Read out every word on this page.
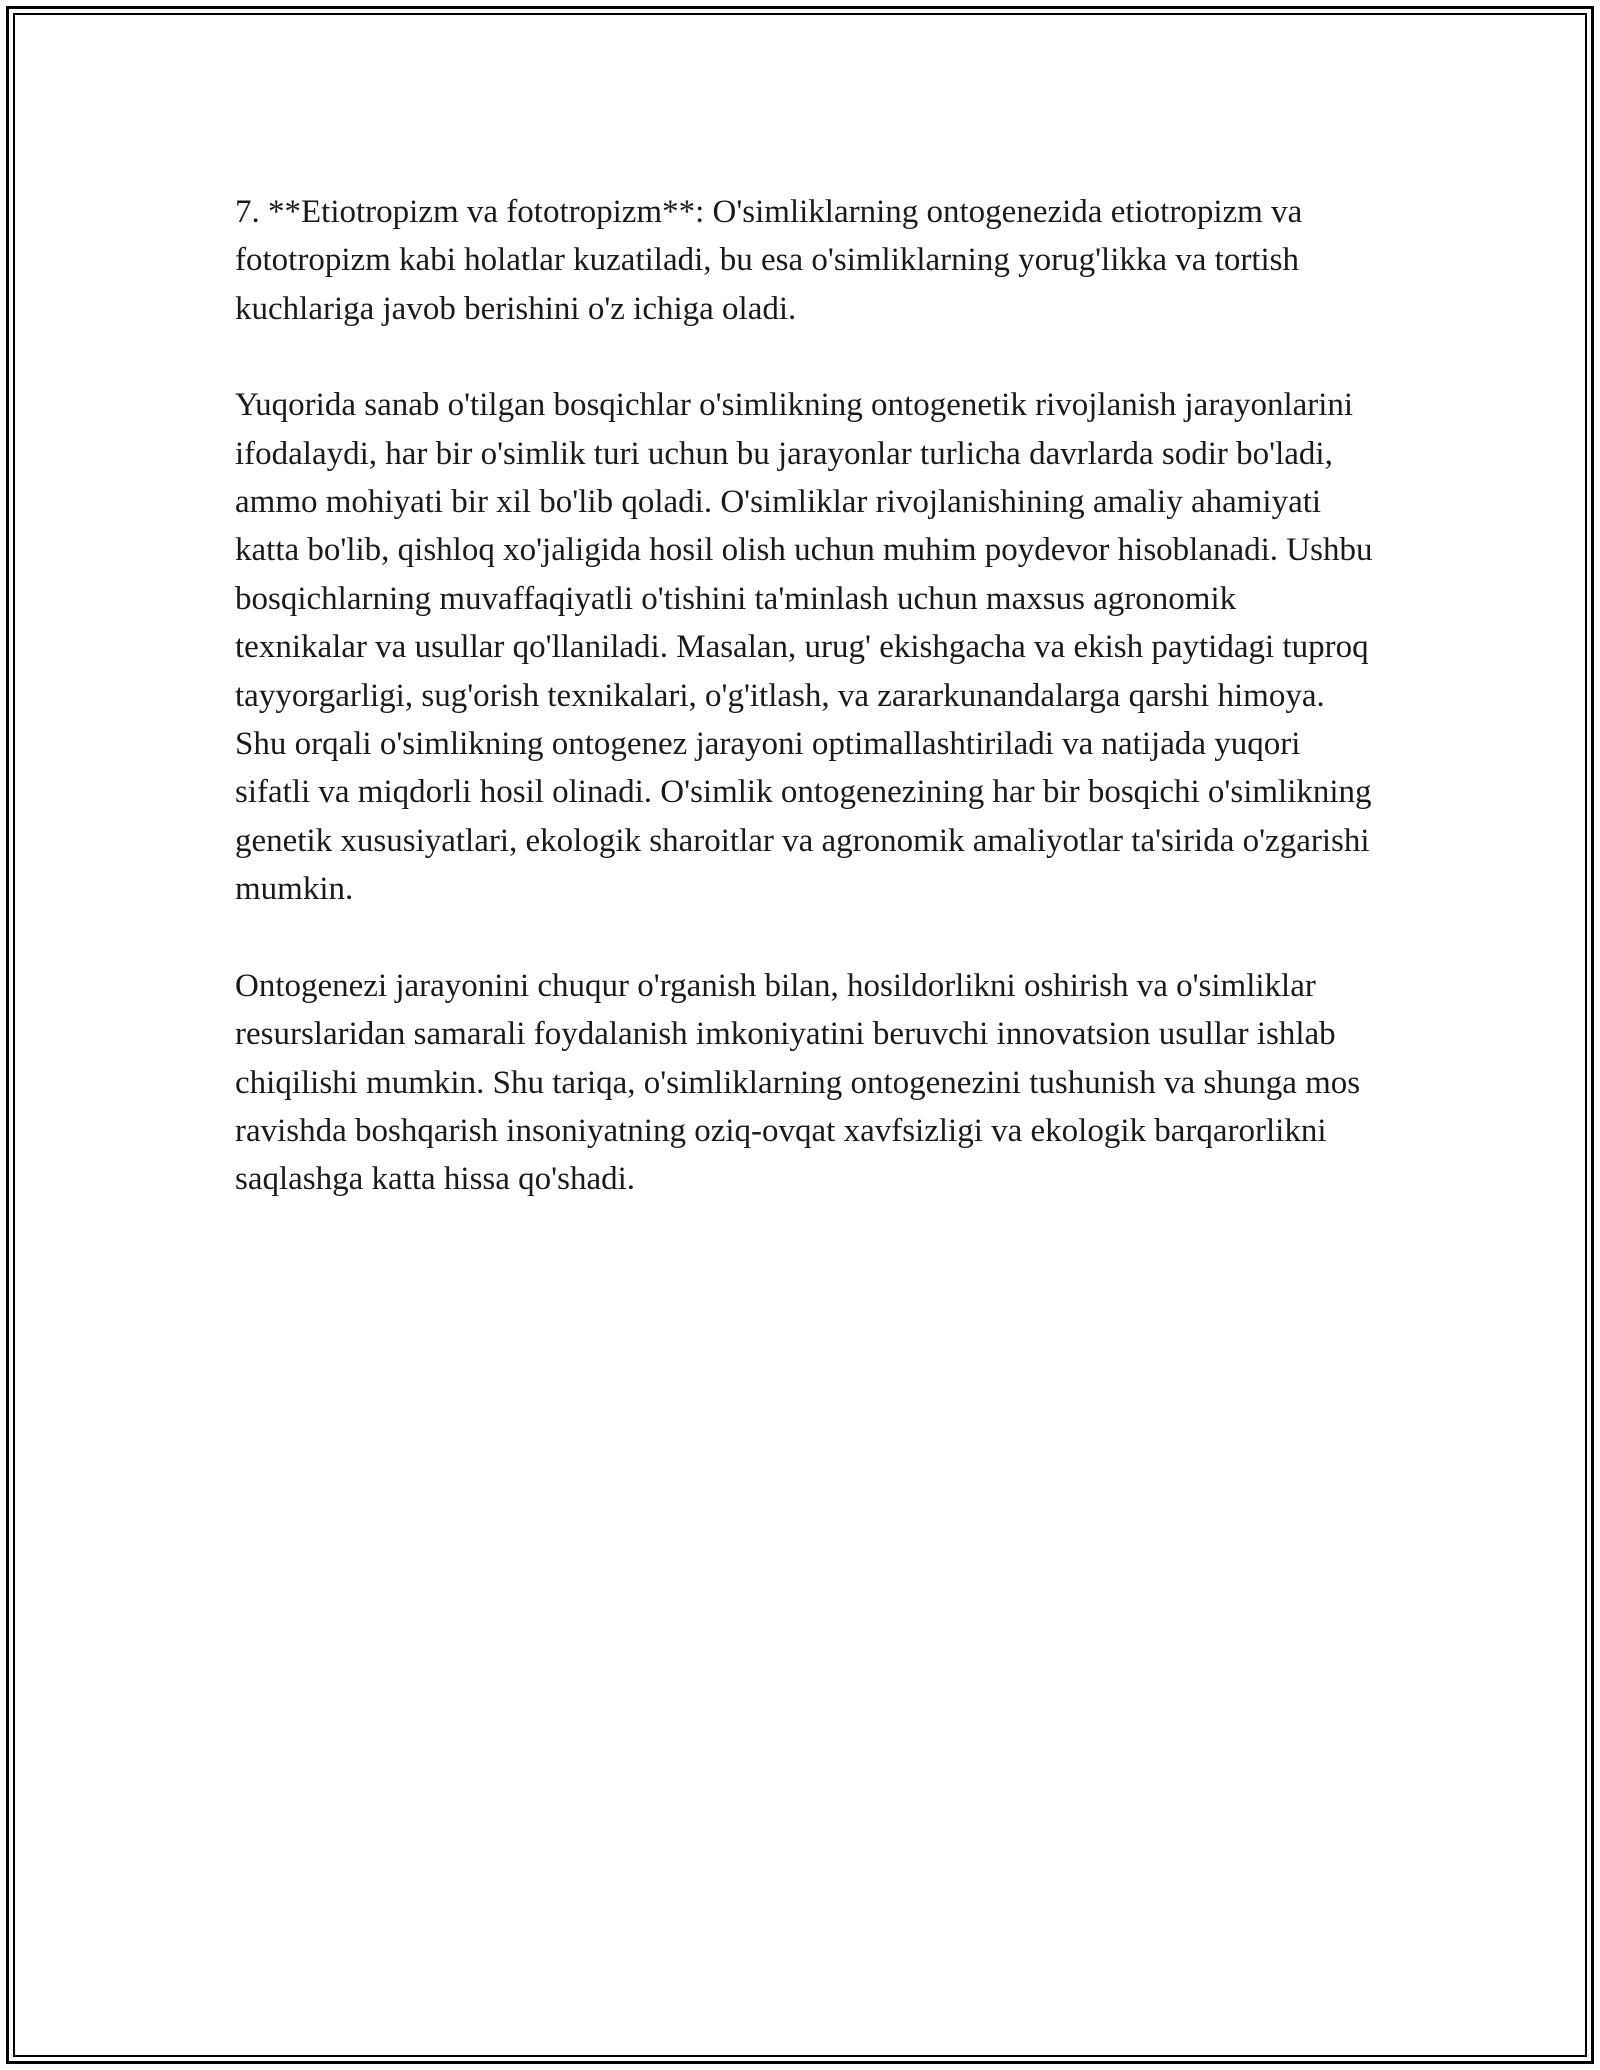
7. **Etiotropizm va fototropizm**: O'simliklarning ontogenezida etiotropizm va fototropizm kabi holatlar kuzatiladi, bu esa o'simliklarning yorug'likka va tortish kuchlariga javob berishini o'z ichiga oladi.

Yuqorida sanab o'tilgan bosqichlar o'simlikning ontogenetik rivojlanish jarayonlarini ifodalaydi, har bir o'simlik turi uchun bu jarayonlar turlicha davrlarda sodir bo'ladi, ammo mohiyati bir xil bo'lib qoladi. O'simliklar rivojlanishining amaliy ahamiyati katta bo'lib, qishloq xo'jaligida hosil olish uchun muhim poydevor hisoblanadi. Ushbu bosqichlarning muvaffaqiyatli o'tishini ta'minlash uchun maxsus agronomik texnikalar va usullar qo'llaniladi. Masalan, urug' ekishgacha va ekish paytidagi tuproq tayyorgarligi, sug'orish texnikalari, o'g'itlash, va zararkunandalarga qarshi himoya. Shu orqali o'simlikning ontogenez jarayoni optimallashtiriladi va natijada yuqori sifatli va miqdorli hosil olinadi. O'simlik ontogenezining har bir bosqichi o'simlikning genetik xususiyatlari, ekologik sharoitlar va agronomik amaliyotlar ta'sirida o'zgarishi mumkin.

Ontogenezi jarayonini chuqur o'rganish bilan, hosildorlikni oshirish va o'simliklar resurslaridan samarali foydalanish imkoniyatini beruvchi innovatsion usullar ishlab chiqilishi mumkin. Shu tariqa, o'simliklarning ontogenezini tushunish va shunga mos ravishda boshqarish insoniyatning oziq-ovqat xavfsizligi va ekologik barqarorlikni saqlashga katta hissa qo'shadi.
